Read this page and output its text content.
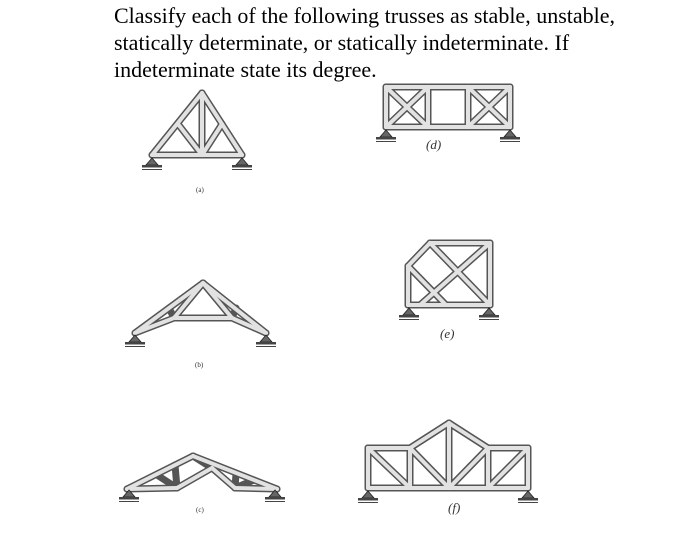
Classify each of the following trusses as stable, unstable,
statically determinate, or statically indeterminate. If
indeterminate state its degree.
(a)
(b)
(c)
(d)
(e)
(f)
